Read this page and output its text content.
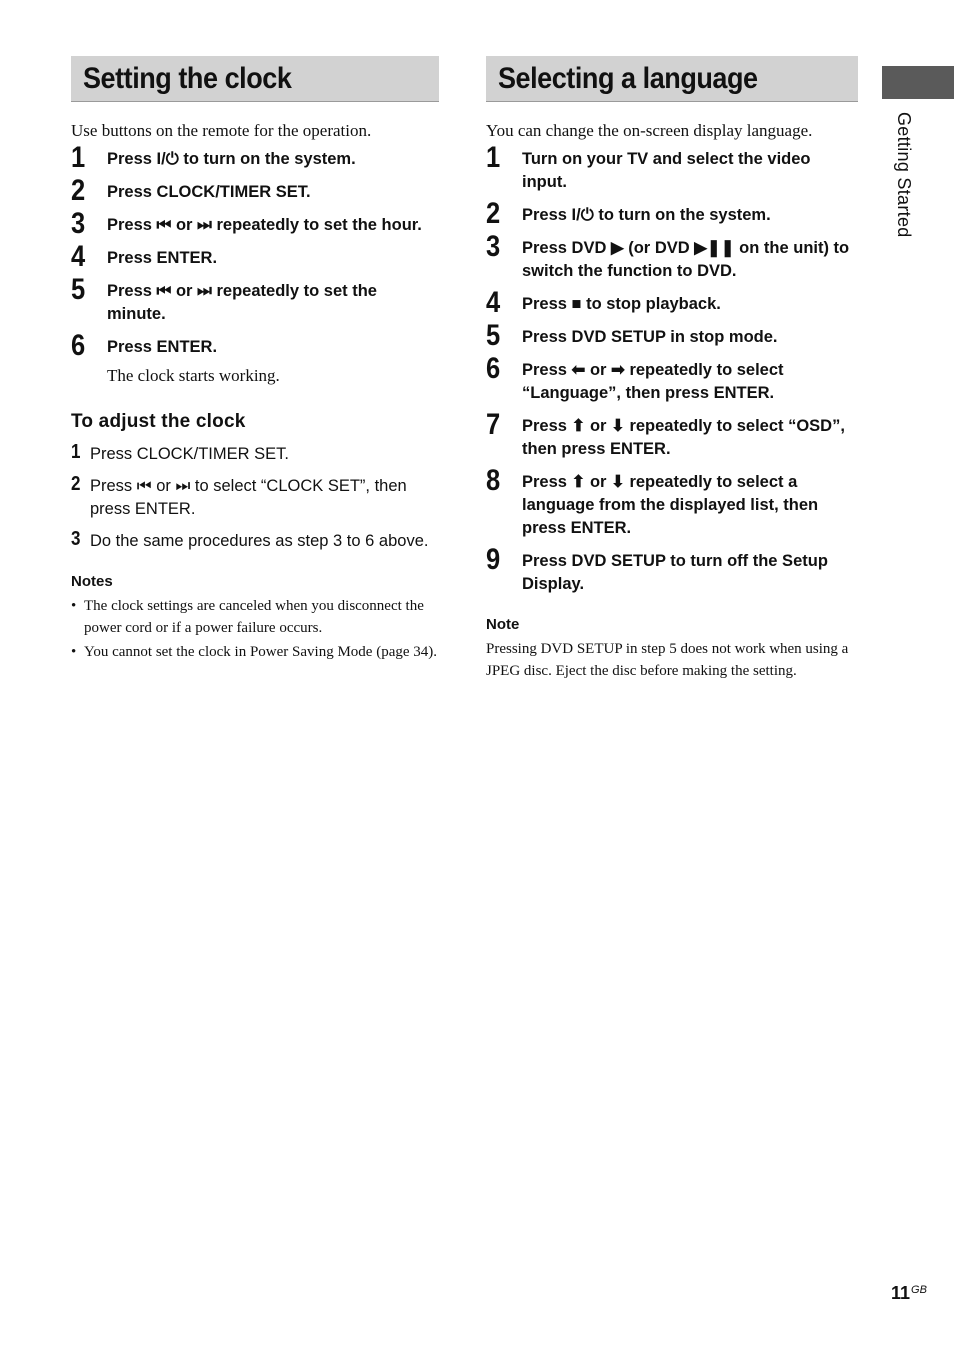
Setting the clock
Use buttons on the remote for the operation.
1 Press I/⏻ to turn on the system.
2 Press CLOCK/TIMER SET.
3 Press ⏮ or ⏭ repeatedly to set the hour.
4 Press ENTER.
5 Press ⏮ or ⏭ repeatedly to set the minute.
6 Press ENTER.
The clock starts working.
To adjust the clock
1 Press CLOCK/TIMER SET.
2 Press ⏮ or ⏭ to select “CLOCK SET”, then press ENTER.
3 Do the same procedures as step 3 to 6 above.
Notes
• The clock settings are canceled when you disconnect the power cord or if a power failure occurs.
• You cannot set the clock in Power Saving Mode (page 34).
Selecting a language
You can change the on-screen display language.
1 Turn on your TV and select the video input.
2 Press I/⏻ to turn on the system.
3 Press DVD ▶ (or DVD ▶❚❚ on the unit) to switch the function to DVD.
4 Press ■ to stop playback.
5 Press DVD SETUP in stop mode.
6 Press ⬅ or ➡ repeatedly to select “Language”, then press ENTER.
7 Press ⬆ or ⬇ repeatedly to select “OSD”, then press ENTER.
8 Press ⬆ or ⬇ repeatedly to select a language from the displayed list, then press ENTER.
9 Press DVD SETUP to turn off the Setup Display.
Note
Pressing DVD SETUP in step 5 does not work when using a JPEG disc. Eject the disc before making the setting.
Getting Started
$11^{GB}$
